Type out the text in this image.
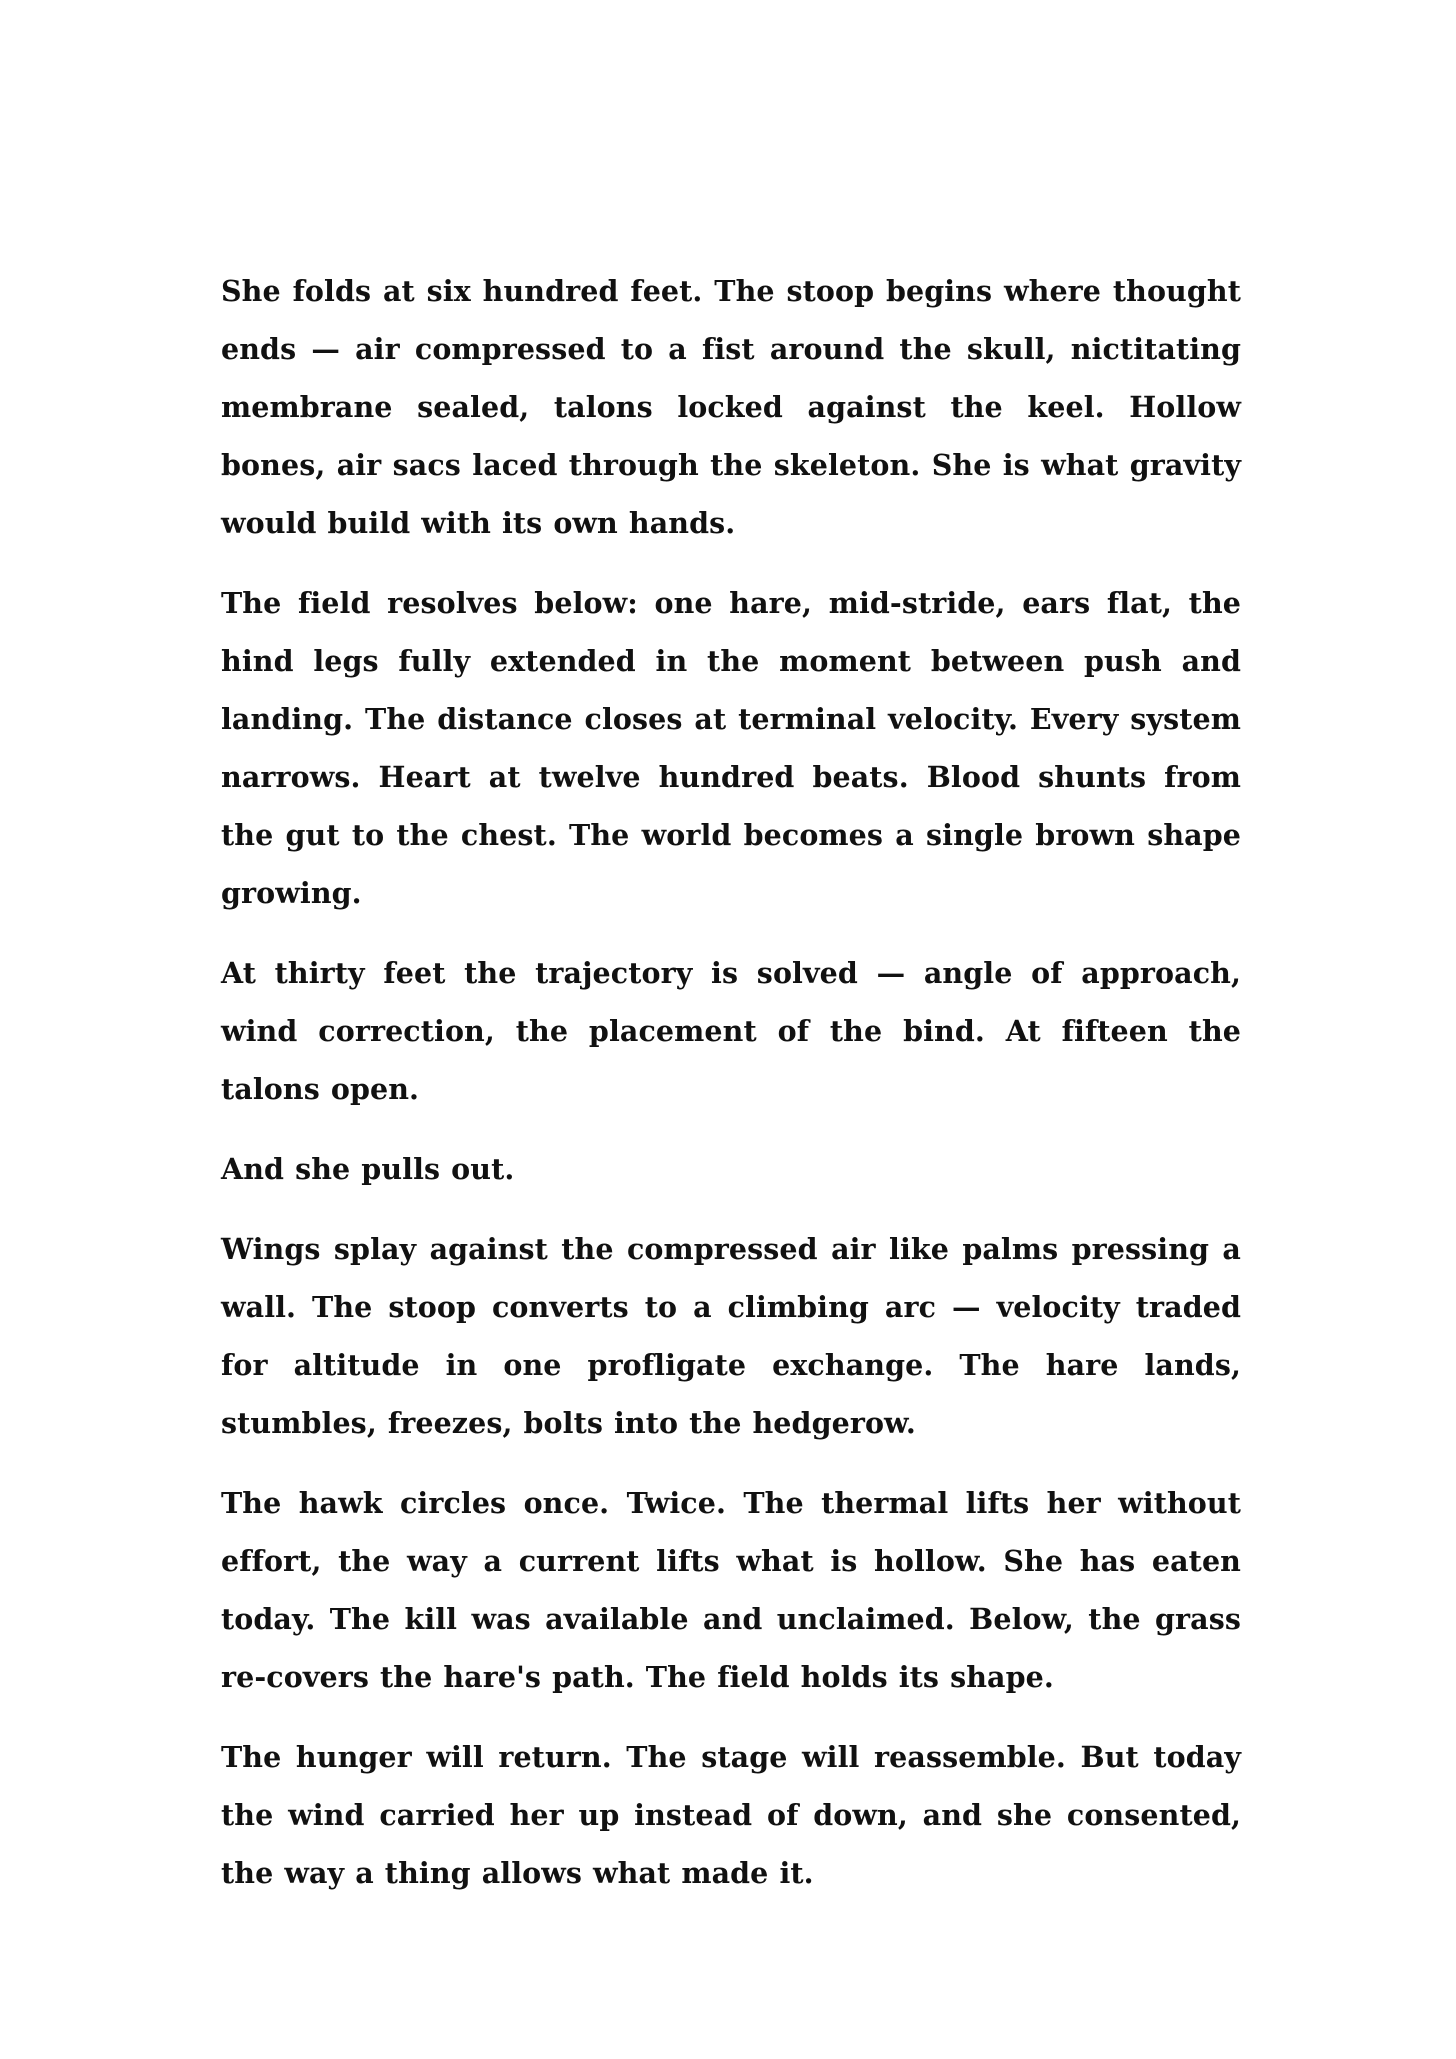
She folds at six hundred feet. The stoop begins where thought ends — air compressed to a fist around the skull, nictitating membrane sealed, talons locked against the keel. Hollow bones, air sacs laced through the skeleton. She is what gravity would build with its own hands.

The field resolves below: one hare, mid-stride, ears flat, the hind legs fully extended in the moment between push and landing. The distance closes at terminal velocity. Every system narrows. Heart at twelve hundred beats. Blood shunts from the gut to the chest. The world becomes a single brown shape growing.

At thirty feet the trajectory is solved — angle of approach, wind correction, the placement of the bind. At fifteen the talons open.

And she pulls out.

Wings splay against the compressed air like palms pressing a wall. The stoop converts to a climbing arc — velocity traded for altitude in one profligate exchange. The hare lands, stumbles, freezes, bolts into the hedgerow.

The hawk circles once. Twice. The thermal lifts her without effort, the way a current lifts what is hollow. She has eaten today. The kill was available and unclaimed. Below, the grass re-covers the hare's path. The field holds its shape.

The hunger will return. The stage will reassemble. But today the wind carried her up instead of down, and she consented, the way a thing allows what made it.
